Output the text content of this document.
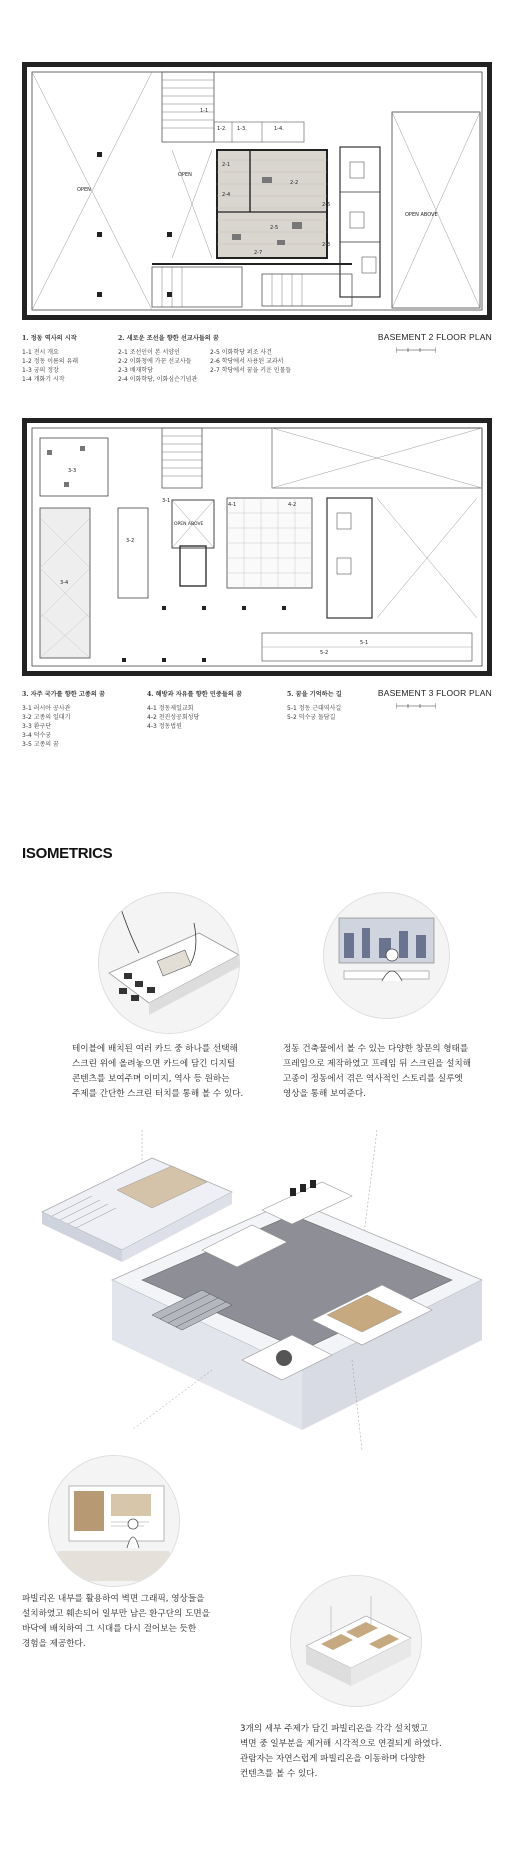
OPEN
OPEN
OPEN ABOVE
1-1
1-2. 1-3.	1-4.
2-1
2-2
2-4
2-6
2-5
2-3
2-7
1. 정동 역사의 시작
1-1 전시 개요
1-2 정동 이름의 유래
1-3 궁의 정장
1-4 개화기 시작
2. 새로운 조선을 향한 선교사들의 꿈
2-1 조선인이 본 서양인
2-2 이화청에 가꾼 선교사들
2-3 배재학당
2-4 이화학당, 이화심슨기념관
2-5 이화학당 퍼조 사건
2-6 학당에서 사용된 교과서
2-7 학당에서 꿈을 키운 인물들
BASEMENT 2 FLOOR PLAN
3-3
3-4
3-2
3-1
OPEN ABOVE
4-1	4-2
5-1
5-2
3. 자주 국가를 향한 고종의 꿈
3-1 러시아 공사관
3-2 고종의 일대기
3-3 환구단
3-4 덕수궁
3-5 고종의 꿈
4. 해방과 자유를 향한 민중들의 꿈
4-1 정동제일교회
4-2 천진성공회성당
4-3 정동법원
5. 꿈을 기억하는 길
5-1 정동 근대역사길
5-2 덕수궁 돌담길
BASEMENT 3 FLOOR PLAN
ISOMETRICS
테이블에 배치된 여러 카드 중 하나를 선택해
스크린 위에 올려놓으면 카드에 담긴 디지털
콘텐츠를 보여주며 이미지, 역사 등 원하는
주제를 간단한 스크린 터치를 통해 볼 수 있다.
정동 건축물에서 볼 수 있는 다양한 창문의 형태를
프레임으로 제작하였고 프레임 뒤 스크린을 설치해
고종이 정동에서 겪은 역사적인 스토리를 실루엣
영상을 통해 보여준다.
파빌리온 내부를 활용하여 벽면 그래픽, 영상들을
설치하였고 훼손되어 일부만 남은 환구단의 도면을
바닥에 배치하여 그 시대를 다시 걸어보는 듯한
경험을 제공한다.
3개의 세부 주제가 담긴 파빌리온을 각각 설치했고
벽면 중 일부분을 제거해 시각적으로 연결되게 하였다.
관람자는 자연스럽게 파빌리온을 이동하며 다양한
컨텐츠를 볼 수 있다.
